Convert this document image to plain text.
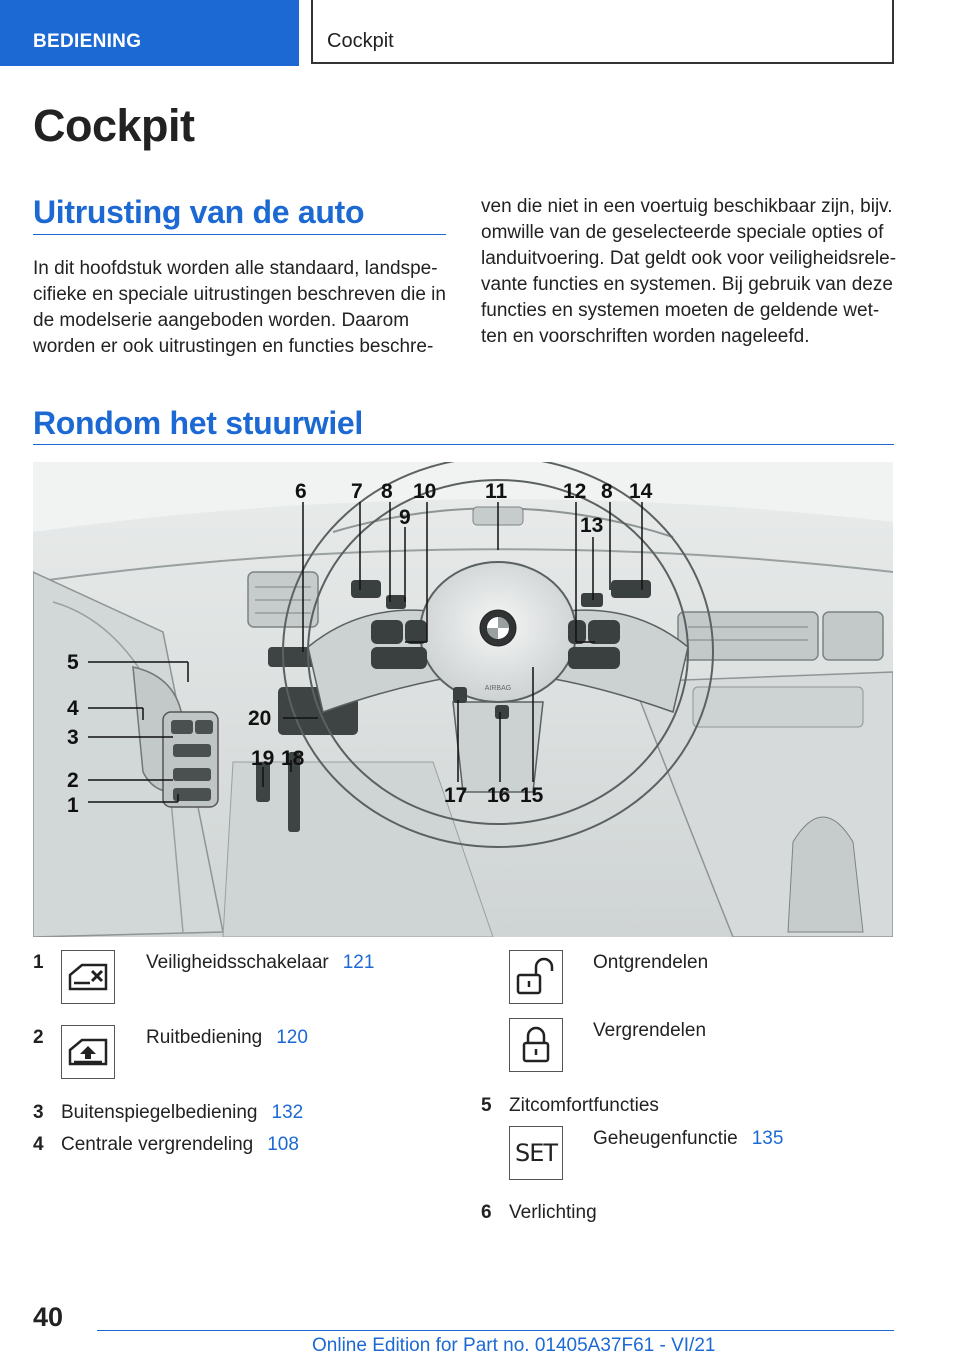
BEDIENING	Cockpit
Cockpit
Uitrusting van de auto
In dit hoofdstuk worden alle standaard, landspe-
cifieke en speciale uitrustingen beschreven die in
de modelserie aangeboden worden. Daarom
worden er ook uitrustingen en functies beschre-
ven die niet in een voertuig beschikbaar zijn, bijv.
omwille van de geselecteerde speciale opties of
landuitvoering. Dat geldt ook voor veiligheidsrele-
vante functies en systemen. Bij gebruik van deze
functies en systemen moeten de geldende wet-
ten en voorschriften worden nageleefd.
Rondom het stuurwiel
AIRBAG
6 7 8
9
10 11	12 8
13
14
15
16
17
18
19
20
5
4
3
2
1
1	Veiligheidsschakelaar 121
2	Ruitbediening 120
3 Buitenspiegelbediening 132
4 Centrale vergrendeling 108
Ontgrendelen
Vergrendelen
5 Zitcomfortfuncties
SET
Geheugenfunctie 135
6 Verlichting
40
Online Edition for Part no. 01405A37F61 - VI/21
